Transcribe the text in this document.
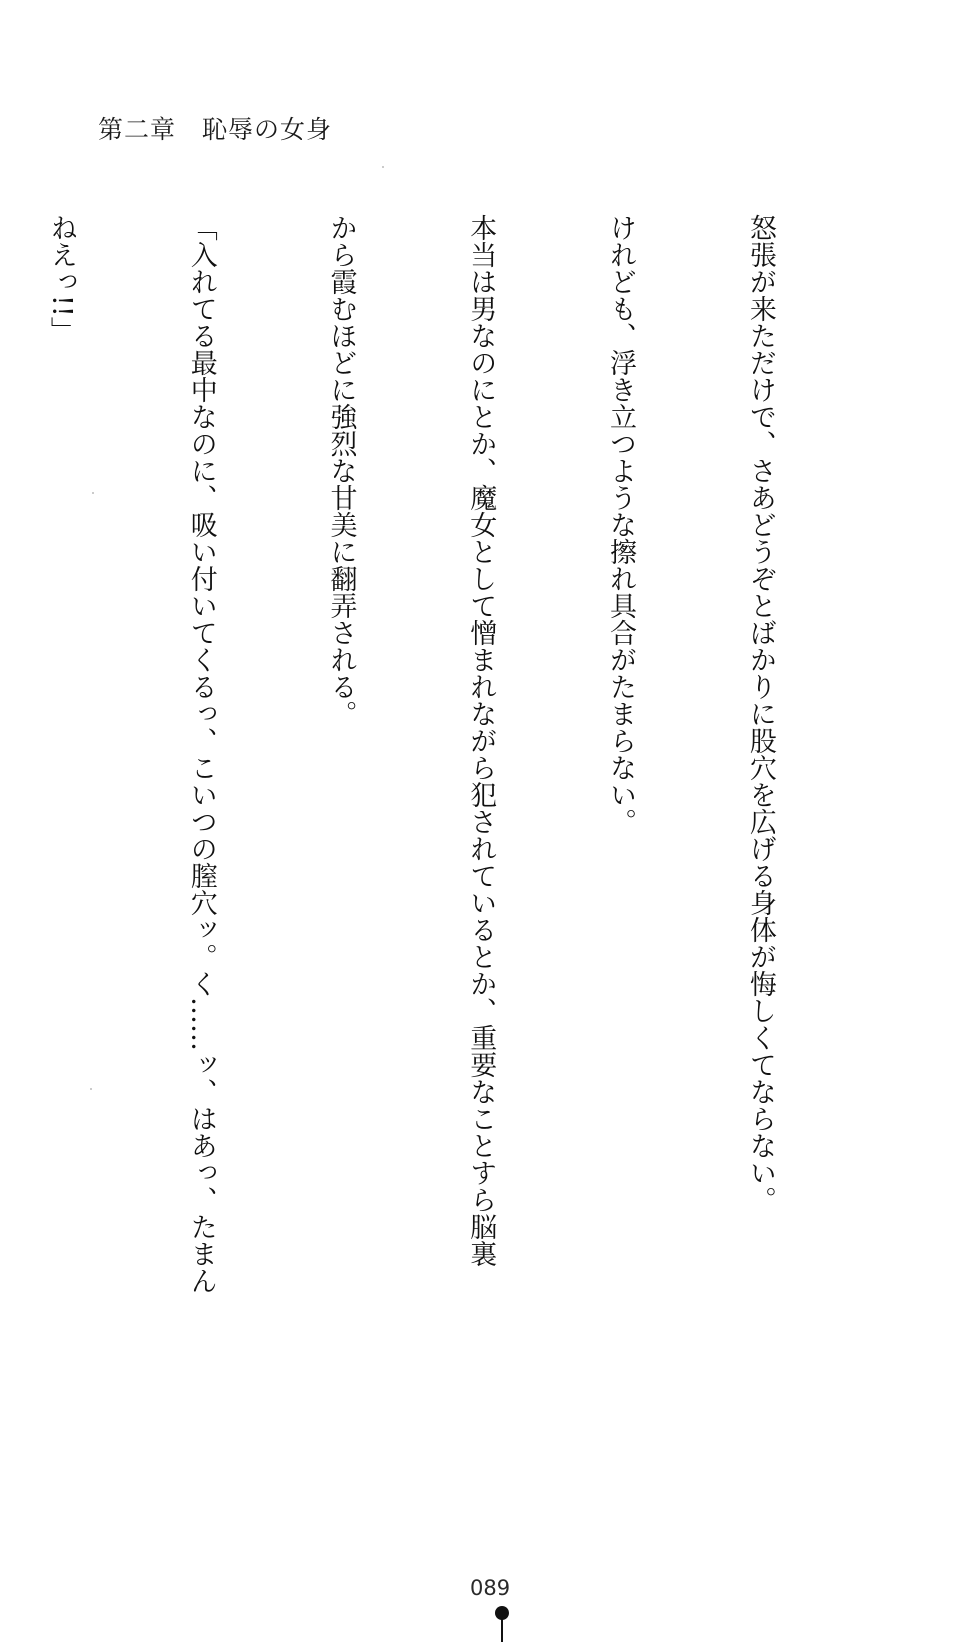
第二章　恥辱の女身

怒張が来ただけで、さあどうぞとばかりに股穴を広げる身体が悔しくてならない。

けれども、浮き立つような擦れ具合がたまらない。

本当は男なのにとか、魔女として憎まれながら犯されているとか、重要なことすら脳裏

から霞むほどに強烈な甘美に翻弄される。

「入れてる最中なのに、吸い付いてくるっ、こいつの膣穴ッ。く……ッ、はあっ、たまん

ねえっ!!」

089
